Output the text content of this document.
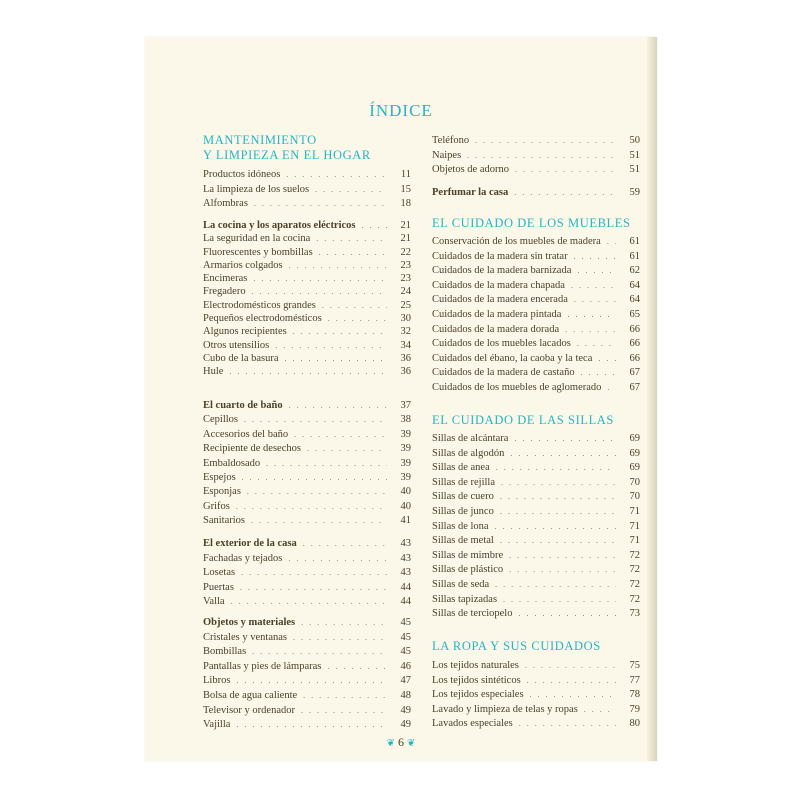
ÍNDICE
MANTENIMIENTO
Y LIMPIEZA EN EL HOGAR
Productos idóneos . . .	11
La limpieza de los suelos . . .	15
Alfombras . . .	18
La cocina y los aparatos eléctricos . . .	21
La seguridad en la cocina . . .	21
Fluorescentes y bombillas . . .	22
Armarios colgados . . .	23
Encimeras . . .	23
Fregadero . . .	24
Electrodomésticos grandes . . .	25
Pequeños electrodomésticos . . .	30
Algunos recipientes . . .	32
Otros utensilios . . .	34
Cubo de la basura . . .	36
Hule . . .	36
El cuarto de baño . . .	37
Cepillos . . .	38
Accesorios del baño . . .	39
Recipiente de desechos . . .	39
Embaldosado . . .	39
Espejos . . .	39
Esponjas . . .	40
Grifos . . .	40
Sanitarios . . .	41
El exterior de la casa . . .	43
Fachadas y tejados . . .	43
Losetas . . .	43
Puertas . . .	44
Valla . . .	44
Objetos y materiales . . .	45
Cristales y ventanas . . .	45
Bombillas . . .	45
Pantallas y pies de lámparas . . .	46
Libros . . .	47
Bolsa de agua caliente . . .	48
Televisor y ordenador . . .	49
Vajilla . . .	49
Teléfono . . .	50
Naipes . . .	51
Objetos de adorno . . .	51
Perfumar la casa . . .	59
EL CUIDADO DE LOS MUEBLES
Conservación de los muebles de madera . . .	61
Cuidados de la madera sin tratar . . .	61
Cuidados de la madera barnizada . . .	62
Cuidados de la madera chapada . . .	64
Cuidados de la madera encerada . . .	64
Cuidados de la madera pintada . . .	65
Cuidados de la madera dorada . . .	66
Cuidados de los muebles lacados . . .	66
Cuidados del ébano, la caoba y la teca . . .	66
Cuidados de la madera de castaño . . .	67
Cuidados de los muebles de aglomerado . . .	67
EL CUIDADO DE LAS SILLAS
Sillas de alcántara . . .	69
Sillas de algodón . . .	69
Sillas de anea . . .	69
Sillas de rejilla . . .	70
Sillas de cuero . . .	70
Sillas de junco . . .	71
Sillas de lona . . .	71
Sillas de metal . . .	71
Sillas de mimbre . . .	72
Sillas de plástico . . .	72
Sillas de seda . . .	72
Sillas tapizadas . . .	72
Sillas de terciopelo . . .	73
LA ROPA Y SUS CUIDADOS
Los tejidos naturales . . .	75
Los tejidos sintéticos . . .	77
Los tejidos especiales . . .	78
Lavado y limpieza de telas y ropas . . .	79
Lavados especiales . . .	80
❦ 6 ❦
